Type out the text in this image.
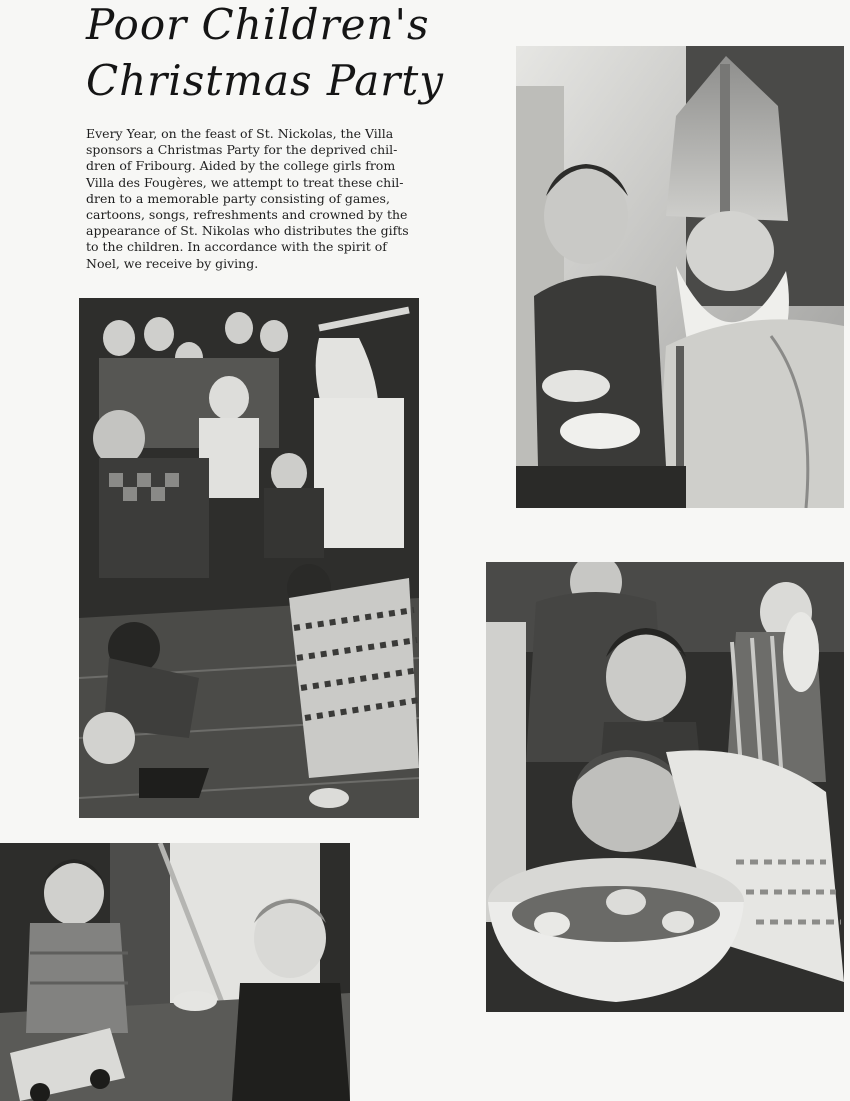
Poor Children's
Christmas Party
Every Year, on the feast of St. Nickolas, the Villa
sponsors a Christmas Party for the deprived chil-
dren of Fribourg. Aided by the college girls from
Villa des Fougères, we attempt to treat these chil-
dren to a memorable party consisting of games,
cartoons, songs, refreshments and crowned by the
appearance of St. Nikolas who distributes the gifts
to the children. In accordance with the spirit of
Noel, we receive by giving.
